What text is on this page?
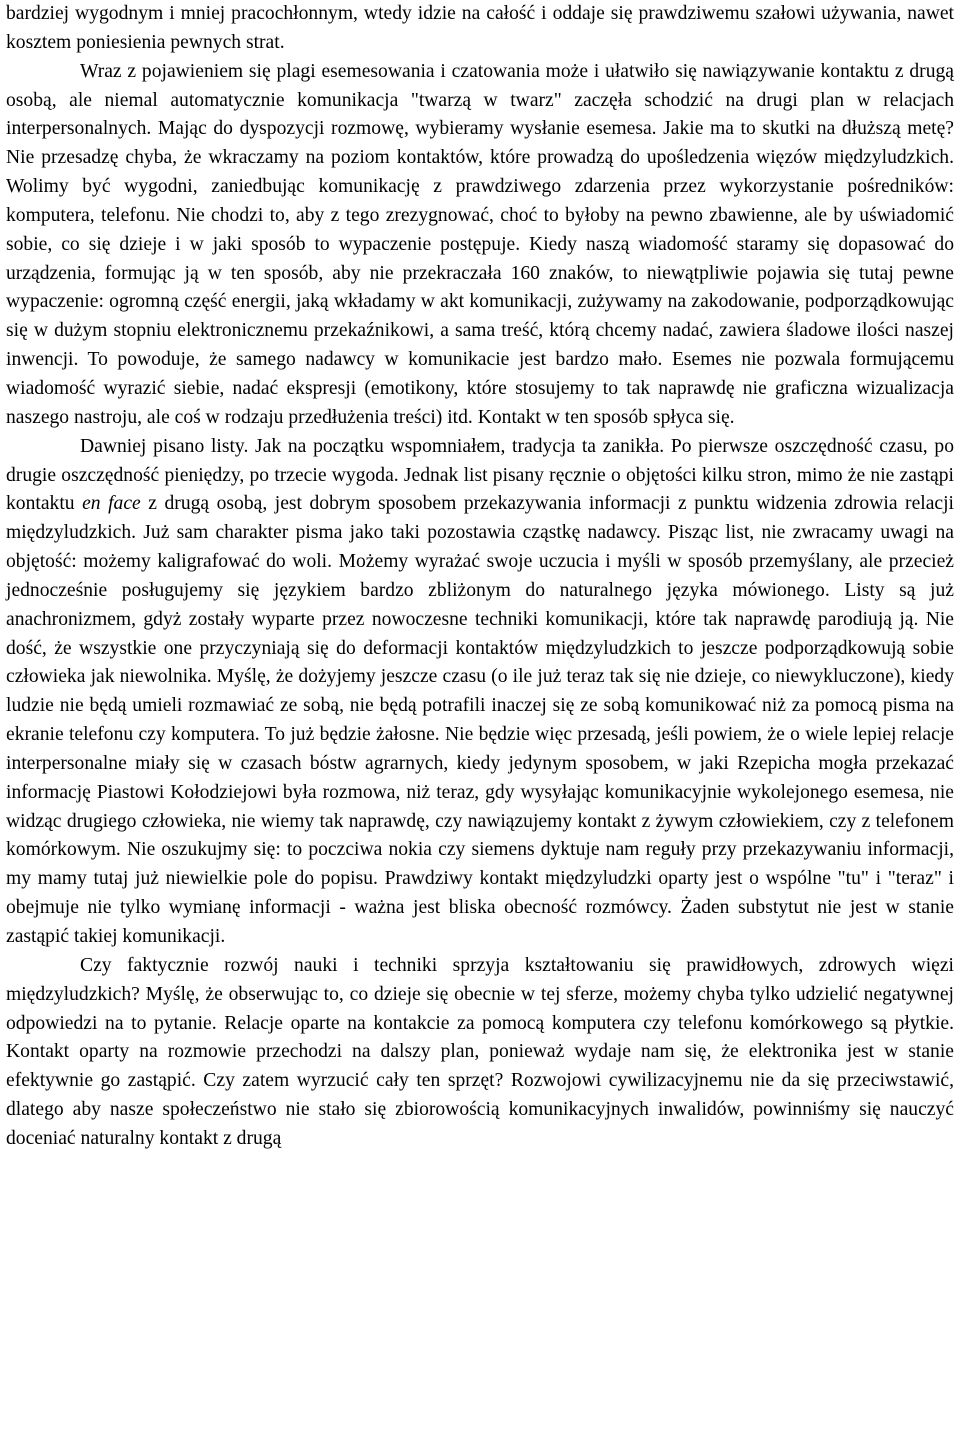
bardziej wygodnym i mniej pracochłonnym, wtedy idzie na całość i oddaje się prawdziwemu szałowi używania, nawet kosztem poniesienia pewnych strat.

Wraz z pojawieniem się plagi esemesowania i czatowania może i ułatwiło się nawiązywanie kontaktu z drugą osobą, ale niemal automatycznie komunikacja "twarzą w twarz" zaczęła schodzić na drugi plan w relacjach interpersonalnych. Mając do dyspozycji rozmowę, wybieramy wysłanie esemesa. Jakie ma to skutki na dłuższą metę? Nie przesadzę chyba, że wkraczamy na poziom kontaktów, które prowadzą do upośledzenia więzów międzyludzkich. Wolimy być wygodni, zaniedbując komunikację z prawdziwego zdarzenia przez wykorzystanie pośredników: komputera, telefonu. Nie chodzi to, aby z tego zrezygnować, choć to byłoby na pewno zbawienne, ale by uświadomić sobie, co się dzieje i w jaki sposób to wypaczenie postępuje. Kiedy naszą wiadomość staramy się dopasować do urządzenia, formując ją w ten sposób, aby nie przekraczała 160 znaków, to niewątpliwie pojawia się tutaj pewne wypaczenie: ogromną część energii, jaką wkładamy w akt komunikacji, zużywamy na zakodowanie, podporządkowując się w dużym stopniu elektronicznemu przekaźnikowi, a sama treść, którą chcemy nadać, zawiera śladowe ilości naszej inwencji. To powoduje, że samego nadawcy w komunikacie jest bardzo mało. Esemes nie pozwala formującemu wiadomość wyrazić siebie, nadać ekspresji (emotikony, które stosujemy to tak naprawdę nie graficzna wizualizacja naszego nastroju, ale coś w rodzaju przedłużenia treści) itd. Kontakt w ten sposób spłyca się.

Dawniej pisano listy. Jak na początku wspomniałem, tradycja ta zanikła. Po pierwsze oszczędność czasu, po drugie oszczędność pieniędzy, po trzecie wygoda. Jednak list pisany ręcznie o objętości kilku stron, mimo że nie zastąpi kontaktu en face z drugą osobą, jest dobrym sposobem przekazywania informacji z punktu widzenia zdrowia relacji międzyludzkich. Już sam charakter pisma jako taki pozostawia cząstkę nadawcy. Pisząc list, nie zwracamy uwagi na objętość: możemy kaligrafować do woli. Możemy wyrażać swoje uczucia i myśli w sposób przemyślany, ale przecież jednocześnie posługujemy się językiem bardzo zbliżonym do naturalnego języka mówionego. Listy są już anachronizmem, gdyż zostały wyparte przez nowoczesne techniki komunikacji, które tak naprawdę parodiują ją. Nie dość, że wszystkie one przyczyniają się do deformacji kontaktów międzyludzkich to jeszcze podporządkowują sobie człowieka jak niewolnika. Myślę, że dożyjemy jeszcze czasu (o ile już teraz tak się nie dzieje, co niewykluczone), kiedy ludzie nie będą umieli rozmawiać ze sobą, nie będą potrafili inaczej się ze sobą komunikować niż za pomocą pisma na ekranie telefonu czy komputera. To już będzie żałosne. Nie będzie więc przesadą, jeśli powiem, że o wiele lepiej relacje interpersonalne miały się w czasach bóstw agrarnych, kiedy jedynym sposobem, w jaki Rzepicha mogła przekazać informację Piastowi Kołodziejowi była rozmowa, niż teraz, gdy wysyłając komunikacyjnie wykolejonego esemesa, nie widząc drugiego człowieka, nie wiemy tak naprawdę, czy nawiązujemy kontakt z żywym człowiekiem, czy z telefonem komórkowym. Nie oszukujmy się: to poczciwa nokia czy siemens dyktuje nam reguły przy przekazywaniu informacji, my mamy tutaj już niewielkie pole do popisu. Prawdziwy kontakt międzyludzki oparty jest o wspólne "tu" i "teraz" i obejmuje nie tylko wymianę informacji - ważna jest bliska obecność rozmówcy. Żaden substytut nie jest w stanie zastąpić takiej komunikacji.

Czy faktycznie rozwój nauki i techniki sprzyja kształtowaniu się prawidłowych, zdrowych więzi międzyludzkich? Myślę, że obserwując to, co dzieje się obecnie w tej sferze, możemy chyba tylko udzielić negatywnej odpowiedzi na to pytanie. Relacje oparte na kontakcie za pomocą komputera czy telefonu komórkowego są płytkie. Kontakt oparty na rozmowie przechodzi na dalszy plan, ponieważ wydaje nam się, że elektronika jest w stanie efektywnie go zastąpić. Czy zatem wyrzucić cały ten sprzęt? Rozwojowi cywilizacyjnemu nie da się przeciwstawić, dlatego aby nasze społeczeństwo nie stało się zbiorowością komunikacyjnych inwalidów, powinniśmy się nauczyć doceniać naturalny kontakt z drugą
